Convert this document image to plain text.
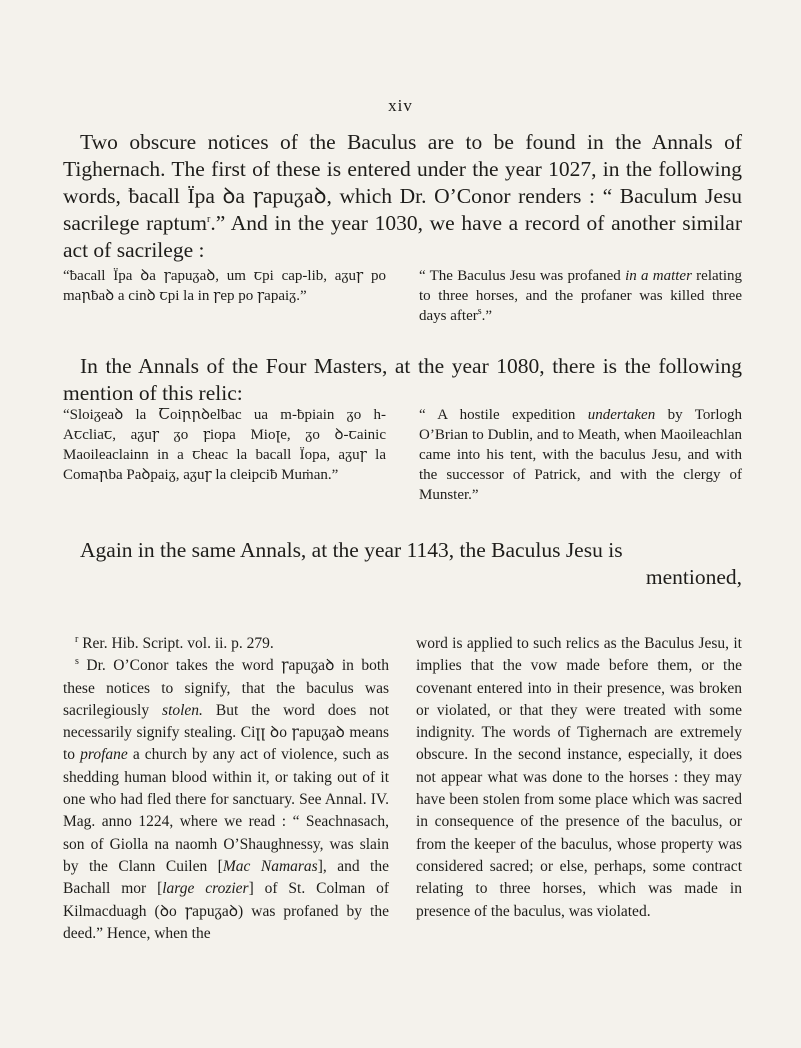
xiv

Two obscure notices of the Baculus are to be found in the Annals of Tighernach. The first of these is entered under the year 1027, in the following words, ƀacall Ïpa ꝺa ꞅapuᵹaꝺ, which Dr. O’Conor renders : “ Baculum Jesu sacrilege raptum$^r$.” And in the year 1030, we have a record of another similar act of sacrilege :

“ƀacall Ïpa ꝺa ꞅapuᵹaꝺ, um ꞇpi cap-lib, aᵹuꞅ po maꞃƀaꝺ a cinꝺ ꞇpi la in ꞅep po ꞅapaiᵹ.”
“ The Baculus Jesu was profaned in a matter relating to three horses, and the profaner was killed three days after$^s$.”

In the Annals of the Four Masters, at the year 1080, there is the following mention of this relic:

“Sloiᵹeaꝺ la Ꞇoiꞃꞃꝺelƀac ua m-ƀpiain ᵹo h-Aꞇcliaꞇ, aᵹuꞅ ᵹo ꝼiopa Mioꞁe, ᵹo ꝺ-ꞇainic Maoileaclainn in a ꞇheac la bacall Ïopa, aᵹuꞅ la Comaꞃba Paꝺpaiᵹ, aᵹuꞅ la cleipciƀ Muṁan.”
“ A hostile expedition undertaken by Torlogh O’Brian to Dublin, and to Meath, when Maoileachlan came into his tent, with the baculus Jesu, and with the successor of Patrick, and with the clergy of Munster.”
Again in the same Annals, at the year 1143, the Baculus Jesu is
mentioned,

$^r$ Rer. Hib. Script. vol. ii. p. 279.

$^s$ Dr. O’Conor takes the word ꞅapuᵹaꝺ in both these notices to signify, that the baculus was sacrilegiously stolen. But the word does not necessarily signify stealing. Ciꞁꞁ ꝺo ꞅapuᵹaꝺ means to profane a church by any act of violence, such as shedding human blood within it, or taking out of it one who had fled there for sanctuary. See Annal. IV. Mag. anno 1224, where we read : “ Seachnasach, son of Giolla na naomh O’Shaughnessy, was slain by the Clann Cuilen [Mac Namaras], and the Bachall mor [large crozier] of St. Colman of Kilmacduagh (ꝺo ꞅapuᵹaꝺ) was profaned by the deed.” Hence, when the

word is applied to such relics as the Baculus Jesu, it implies that the vow made before them, or the covenant entered into in their presence, was broken or violated, or that they were treated with some indignity. The words of Tighernach are extremely obscure. In the second instance, especially, it does not appear what was done to the horses : they may have been stolen from some place which was sacred in consequence of the presence of the baculus, or from the keeper of the baculus, whose property was considered sacred; or else, perhaps, some contract relating to three horses, which was made in presence of the baculus, was violated.
